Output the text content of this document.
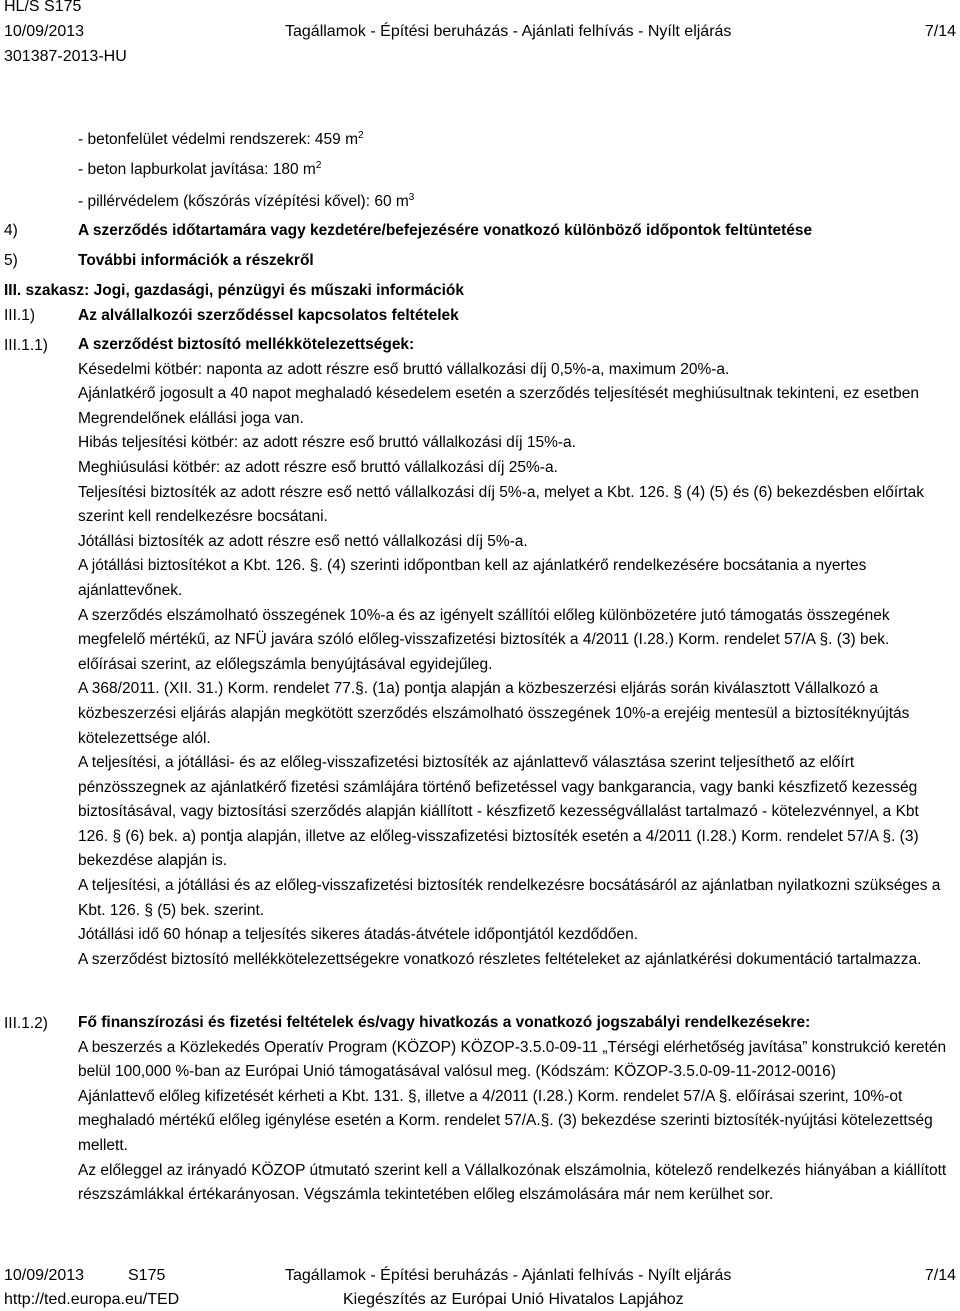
HL/S S175
10/09/2013
301387-2013-HU
Tagállamok - Építési beruházás - Ajánlati felhívás - Nyílt eljárás	7/14
- betonfelület védelmi rendszerek: 459 $m^2$
- beton lapburkolat javítása: 180 $m^2$
- pillérvédelem (kőszórás vízépítési kővel): 60 $m^3$
4)	A szerződés időtartamára vagy kezdetére/befejezésére vonatkozó különböző időpontok feltüntetése
5)	További információk a részekről
III. szakasz: Jogi, gazdasági, pénzügyi és műszaki információk
III.1)	Az alvállalkozói szerződéssel kapcsolatos feltételek
III.1.1) A szerződést biztosító mellékkötelezettségek:

Késedelmi kötbér: naponta az adott részre eső bruttó vállalkozási díj 0,5%-a, maximum 20%-a.

Ajánlatkérő jogosult a 40 napot meghaladó késedelem esetén a szerződés teljesítését meghiúsultnak tekinteni, ez esetben Megrendelőnek elállási joga van.

Hibás teljesítési kötbér: az adott részre eső bruttó vállalkozási díj 15%-a.

Meghiúsulási kötbér: az adott részre eső bruttó vállalkozási díj 25%-a.

Teljesítési biztosíték az adott részre eső nettó vállalkozási díj 5%-a, melyet a Kbt. 126. § (4) (5) és (6) bekezdésben előírtak szerint kell rendelkezésre bocsátani.

Jótállási biztosíték az adott részre eső nettó vállalkozási díj 5%-a.

A jótállási biztosítékot a Kbt. 126. §. (4) szerinti időpontban kell az ajánlatkérő rendelkezésére bocsátania a nyertes ajánlattevőnek.

A szerződés elszámolható összegének 10%-a és az igényelt szállítói előleg különbözetére jutó támogatás összegének megfelelő mértékű, az NFÜ javára szóló előleg-visszafizetési biztosíték a 4/2011 (I.28.) Korm. rendelet 57/A §. (3) bek. előírásai szerint, az előlegszámla benyújtásával egyidejűleg.

A 368/2011. (XII. 31.) Korm. rendelet 77.§. (1a) pontja alapján a közbeszerzési eljárás során kiválasztott Vállalkozó a közbeszerzési eljárás alapján megkötött szerződés elszámolható összegének 10%-a erejéig mentesül a biztosítéknyújtás kötelezettsége alól.

A teljesítési, a jótállási- és az előleg-visszafizetési biztosíték az ajánlattevő választása szerint teljesíthető az előírt pénzösszegnek az ajánlatkérő fizetési számlájára történő befizetéssel vagy bankgarancia, vagy banki készfizető kezesség biztosításával, vagy biztosítási szerződés alapján kiállított - készfizető kezességvállalást tartalmazó - kötelezvénnyel, a Kbt 126. § (6) bek. a) pontja alapján, illetve az előleg-visszafizetési biztosíték esetén a 4/2011 (I.28.) Korm. rendelet 57/A §. (3) bekezdése alapján is.

A teljesítési, a jótállási és az előleg-visszafizetési biztosíték rendelkezésre bocsátásáról az ajánlatban nyilatkozni szükséges a Kbt. 126. § (5) bek. szerint.

Jótállási idő 60 hónap a teljesítés sikeres átadás-átvétele időpontjától kezdődően.

A szerződést biztosító mellékkötelezettségekre vonatkozó részletes feltételeket az ajánlatkérési dokumentáció tartalmazza.

III.1.2) Fő finanszírozási és fizetési feltételek és/vagy hivatkozás a vonatkozó jogszabályi rendelkezésekre:

A beszerzés a Közlekedés Operatív Program (KÖZOP) KÖZOP-3.5.0-09-11 „Térségi elérhetőség javítása” konstrukció keretén belül 100,000 %-ban az Európai Unió támogatásával valósul meg. (Kódszám: KÖZOP-3.5.0-09-11-2012-0016)

Ajánlattevő előleg kifizetését kérheti a Kbt. 131. §, illetve a 4/2011 (I.28.) Korm. rendelet 57/A §. előírásai szerint, 10%-ot meghaladó mértékű előleg igénylése esetén a Korm. rendelet 57/A.§. (3) bekezdése szerinti biztosíték-nyújtási kötelezettség mellett.

Az előleggel az irányadó KÖZOP útmutató szerint kell a Vállalkozónak elszámolnia, kötelező rendelkezés hiányában a kiállított részszámlákkal értékarányosan. Végszámla tekintetében előleg elszámolására már nem kerülhet sor.

10/09/2013	S175
http://ted.europa.eu/TED
Tagállamok - Építési beruházás - Ajánlati felhívás - Nyílt eljárás
Kiegészítés az Európai Unió Hivatalos Lapjához
7/14
